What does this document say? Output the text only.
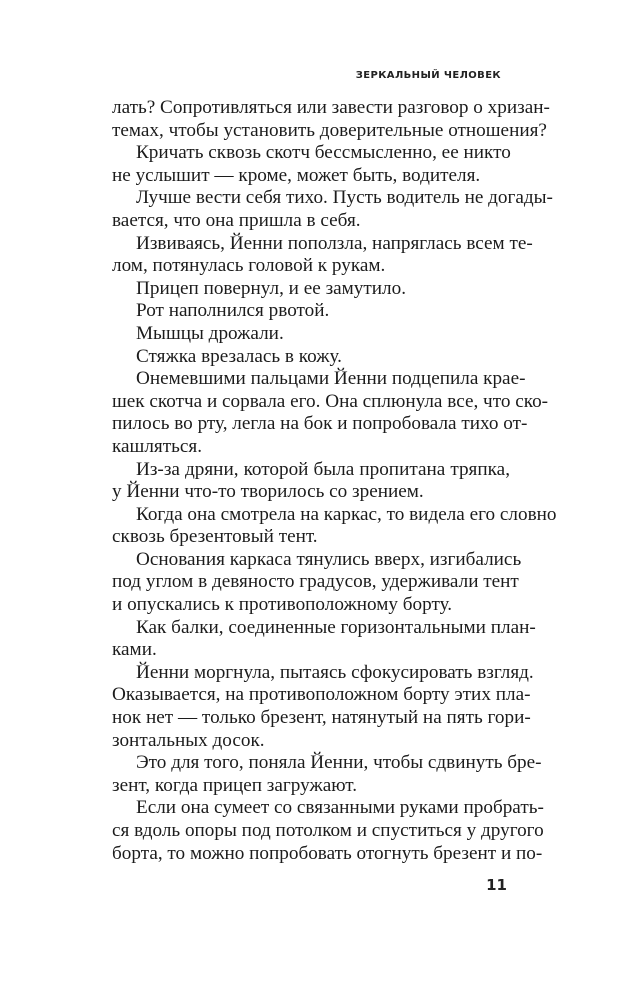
ЗЕРКАЛЬНЫЙ ЧЕЛОВЕК
лать? Сопротивляться или завести разговор о хризан-
темах, чтобы установить доверительные отношения?
Кричать сквозь скотч бессмысленно, ее никто
не услышит — кроме, может быть, водителя.
Лучше вести себя тихо. Пусть водитель не догады-
вается, что она пришла в себя.
Извиваясь, Йенни поползла, напряглась всем те-
лом, потянулась головой к рукам.
Прицеп повернул, и ее замутило.
Рот наполнился рвотой.
Мышцы дрожали.
Стяжка врезалась в кожу.
Онемевшими пальцами Йенни подцепила крае-
шек скотча и сорвала его. Она сплюнула все, что ско-
пилось во рту, легла на бок и попробовала тихо от-
кашляться.
Из-за дряни, которой была пропитана тряпка,
у Йенни что-то творилось со зрением.
Когда она смотрела на каркас, то видела его словно
сквозь брезентовый тент.
Основания каркаса тянулись вверх, изгибались
под углом в девяносто градусов, удерживали тент
и опускались к противоположному борту.
Как балки, соединенные горизонтальными план-
ками.
Йенни моргнула, пытаясь сфокусировать взгляд.
Оказывается, на противоположном борту этих пла-
нок нет — только брезент, натянутый на пять гори-
зонтальных досок.
Это для того, поняла Йенни, чтобы сдвинуть бре-
зент, когда прицеп загружают.
Если она сумеет со связанными руками пробрать-
ся вдоль опоры под потолком и спуститься у другого
борта, то можно попробовать отогнуть брезент и по-
11
